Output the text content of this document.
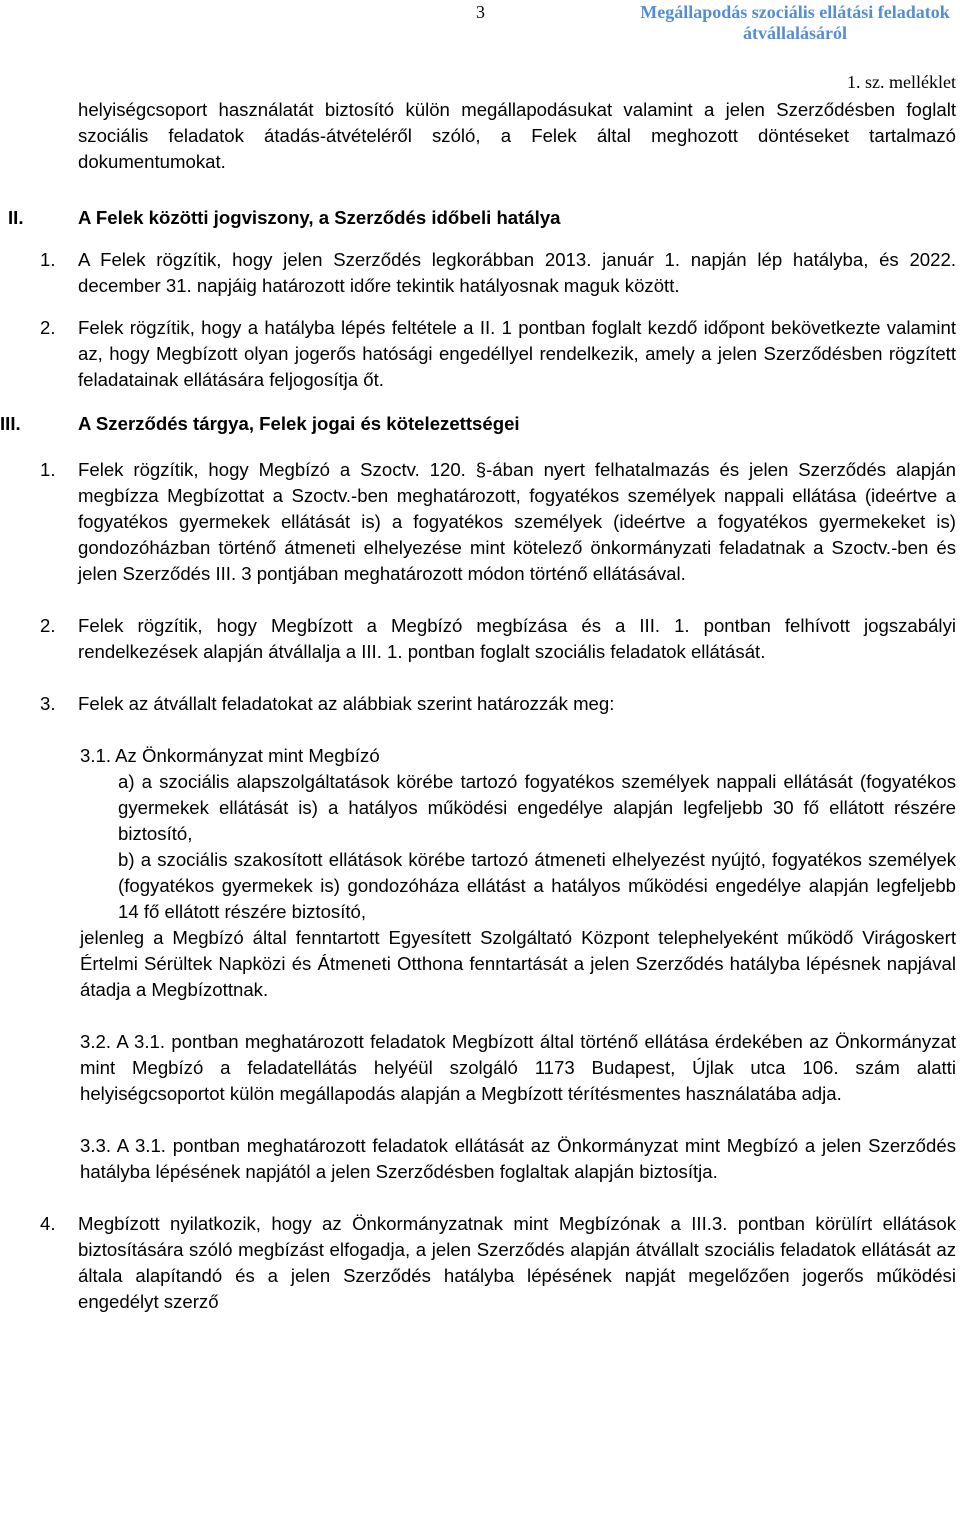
3	Megállapodás szociális ellátási feladatok átvállalásáról
1. sz. melléklet

helyiségcsoport használatát biztosító külön megállapodásukat valamint a jelen Szerződésben foglalt szociális feladatok átadás-átvételéről szóló, a Felek által meghozott döntéseket tartalmazó dokumentumokat.

II.	A Felek közötti jogviszony, a Szerződés időbeli hatálya

1. A Felek rögzítik, hogy jelen Szerződés legkorábban 2013. január 1. napján lép hatályba, és 2022. december 31. napjáig határozott időre tekintik hatályosnak maguk között.

2. Felek rögzítik, hogy a hatályba lépés feltétele a II. 1 pontban foglalt kezdő időpont bekövetkezte valamint az, hogy Megbízott olyan jogerős hatósági engedéllyel rendelkezik, amely a jelen Szerződésben rögzített feladatainak ellátására feljogosítja őt.

III.	A Szerződés tárgya, Felek jogai és kötelezettségei

1. Felek rögzítik, hogy Megbízó a Szoctv. 120. §-ában nyert felhatalmazás és jelen Szerződés alapján megbízza Megbízottat a Szoctv.-ben meghatározott, fogyatékos személyek nappali ellátása (ideértve a fogyatékos gyermekek ellátását is) a fogyatékos személyek (ideértve a fogyatékos gyermekeket is) gondozóházban történő átmeneti elhelyezése mint kötelező önkormányzati feladatnak a Szoctv.-ben és jelen Szerződés III. 3 pontjában meghatározott módon történő ellátásával.

2. Felek rögzítik, hogy Megbízott a Megbízó megbízása és a III. 1. pontban felhívott jogszabályi rendelkezések alapján átvállalja a III. 1. pontban foglalt szociális feladatok ellátását.

3. Felek az átvállalt feladatokat az alábbiak szerint határozzák meg:

3.1. Az Önkormányzat mint Megbízó

a) a szociális alapszolgáltatások körébe tartozó fogyatékos személyek nappali ellátását (fogyatékos gyermekek ellátását is) a hatályos működési engedélye alapján legfeljebb 30 fő ellátott részére biztosító,

b) a szociális szakosított ellátások körébe tartozó átmeneti elhelyezést nyújtó, fogyatékos személyek (fogyatékos gyermekek is) gondozóháza ellátást a hatályos működési engedélye alapján legfeljebb 14 fő ellátott részére biztosító,

jelenleg a Megbízó által fenntartott Egyesített Szolgáltató Központ telephelyeként működő Virágoskert Értelmi Sérültek Napközi és Átmeneti Otthona fenntartását a jelen Szerződés hatályba lépésnek napjával átadja a Megbízottnak.

3.2. A 3.1. pontban meghatározott feladatok Megbízott által történő ellátása érdekében az Önkormányzat mint Megbízó a feladatellátás helyéül szolgáló 1173 Budapest, Újlak utca 106. szám alatti helyiségcsoportot külön megállapodás alapján a Megbízott térítésmentes használatába adja.

3.3. A 3.1. pontban meghatározott feladatok ellátását az Önkormányzat mint Megbízó a jelen Szerződés hatályba lépésének napjától a jelen Szerződésben foglaltak alapján biztosítja.

4. Megbízott nyilatkozik, hogy az Önkormányzatnak mint Megbízónak a III.3. pontban körülírt ellátások biztosítására szóló megbízást elfogadja, a jelen Szerződés alapján átvállalt szociális feladatok ellátását az általa alapítandó és a jelen Szerződés hatályba lépésének napját megelőzően jogerős működési engedélyt szerző
